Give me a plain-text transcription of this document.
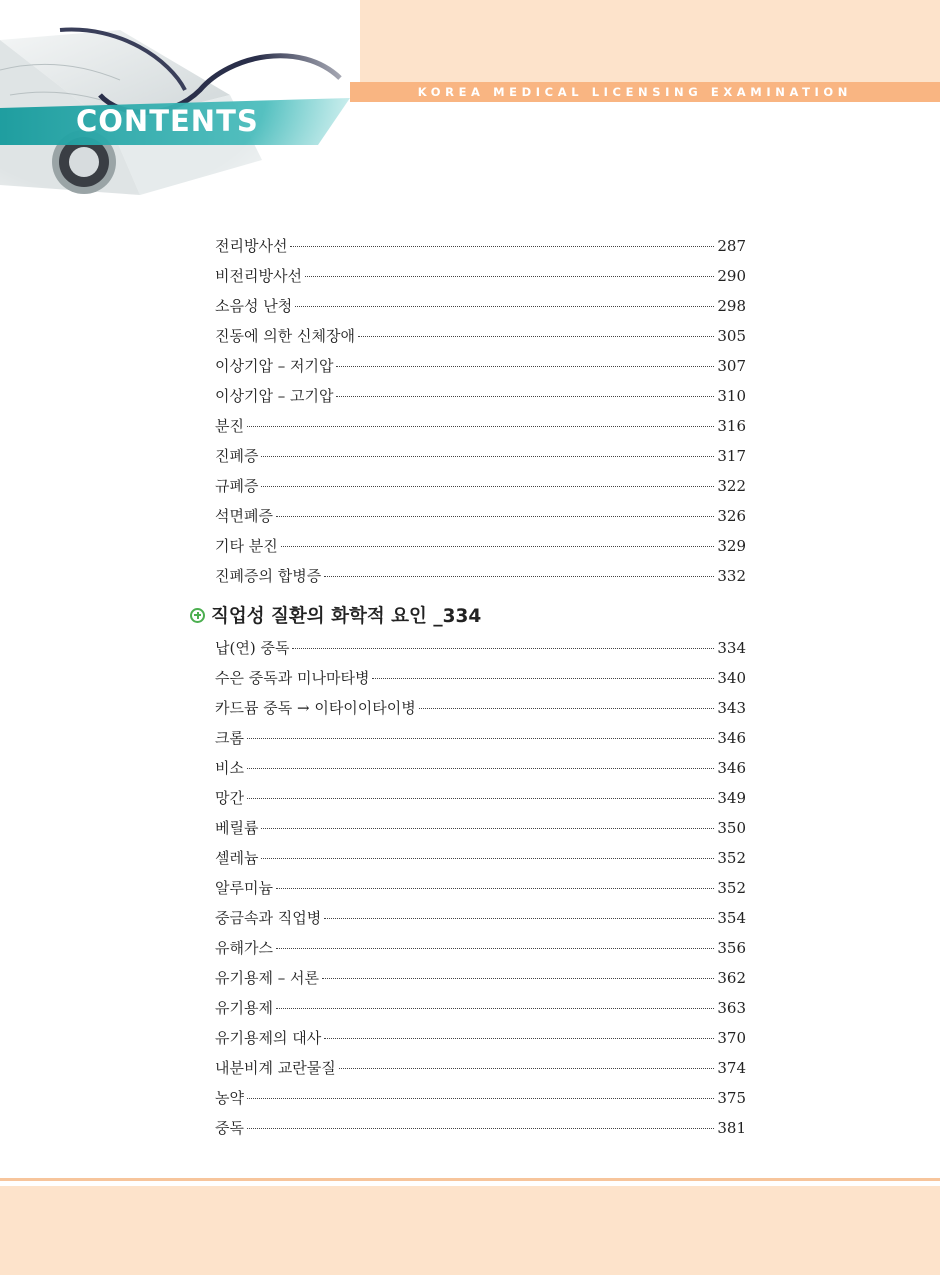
KOREA MEDICAL LICENSING EXAMINATION
CONTENTS
전리방사선	287
비전리방사선	290
소음성 난청	298
진동에 의한 신체장애	305
이상기압 – 저기압	307
이상기압 – 고기압	310
분진	316
진폐증	317
규폐증	322
석면폐증	326
기타 분진	329
진폐증의 합병증	332
직업성 질환의 화학적 요인 _334
납(연) 중독	334
수은 중독과 미나마타병	340
카드뮴 중독 → 이타이이타이병	343
크롬	346
비소	346
망간	349
베릴륨	350
셀레늄	352
알루미늄	352
중금속과 직업병	354
유해가스	356
유기용제 – 서론	362
유기용제	363
유기용제의 대사	370
내분비계 교란물질	374
농약	375
중독	381
